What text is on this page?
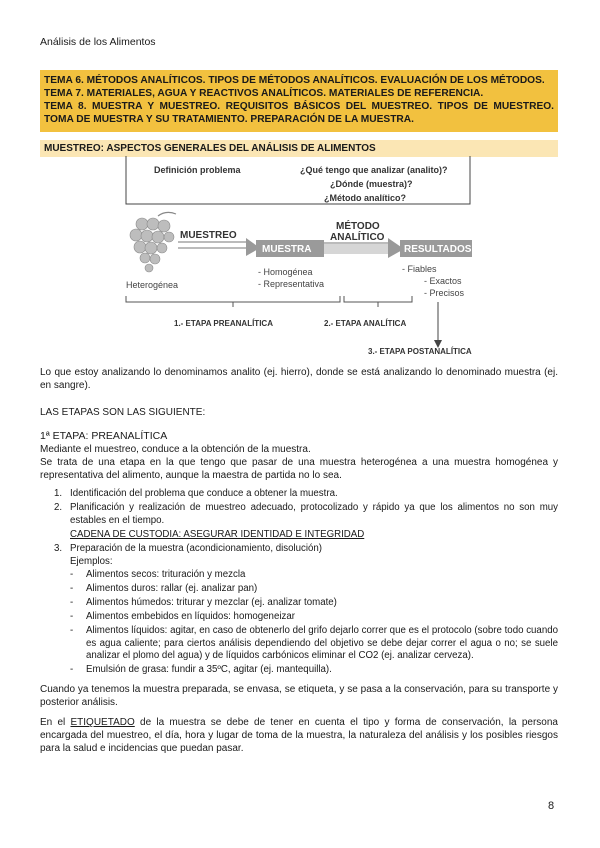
Análisis de los Alimentos
TEMA 6. MÉTODOS ANALÍTICOS. TIPOS DE MÉTODOS ANALÍTICOS. EVALUACIÓN DE LOS MÉTODOS.
TEMA 7. MATERIALES, AGUA Y REACTIVOS ANALÍTICOS. MATERIALES DE REFERENCIA.
TEMA 8. MUESTRA Y MUESTREO. REQUISITOS BÁSICOS DEL MUESTREO. TIPOS DE MUESTREO. TOMA DE MUESTRA Y SU TRATAMIENTO. PREPARACIÓN DE LA MUESTRA.
MUESTREO: ASPECTOS GENERALES DEL ANÁLISIS DE ALIMENTOS
Definición problema	¿Qué tengo que analizar (analito)?
¿Dónde (muestra)?
¿Método analítico?
MUESTREO
MUESTRA
MÉTODO
ANALÍTICO
RESULTADOS
Heterogénea
- Homogénea
- Representativa
- Fiables
- Exactos
- Precisos
1.- ETAPA PREANALÍTICA	2.- ETAPA ANALÍTICA
3.- ETAPA POSTANALÍTICA
Lo que estoy analizando lo denominamos analito (ej. hierro), donde se está analizando lo denominado muestra (ej. en sangre).
LAS ETAPAS SON LAS SIGUIENTE:
1ª ETAPA: PREANALÍTICA
Mediante el muestreo, conduce a la obtención de la muestra.
Se trata de una etapa en la que tengo que pasar de una muestra heterogénea a una muestra homogénea y representativa del alimento, aunque la maestra de partida no lo sea.
1. Identificación del problema que conduce a obtener la muestra.
2. Planificación y realización de muestreo adecuado, protocolizado y rápido ya que los alimentos no son muy estables en el tiempo.
CADENA DE CUSTODIA: ASEGURAR IDENTIDAD E INTEGRIDAD
3. Preparación de la muestra (acondicionamiento, disolución)
Ejemplos:
- Alimentos secos: trituración y mezcla
- Alimentos duros: rallar (ej. analizar pan)
- Alimentos húmedos: triturar y mezclar (ej. analizar tomate)
- Alimentos embebidos en líquidos: homogeneizar
- Alimentos líquidos: agitar, en caso de obtenerlo del grifo dejarlo correr que es el protocolo (sobre todo cuando es agua caliente; para ciertos análisis dependiendo del objetivo se debe dejar correr el agua o no; se suele analizar el plomo del agua) y de líquidos carbónicos eliminar el CO2 (ej. analizar cerveza).
- Emulsión de grasa: fundir a 35ºC, agitar (ej. mantequilla).
Cuando ya tenemos la muestra preparada, se envasa, se etiqueta, y se pasa a la conservación, para su transporte y posterior análisis.
En el ETIQUETADO de la muestra se debe de tener en cuenta el tipo y forma de conservación, la persona encargada del muestreo, el día, hora y lugar de toma de la muestra, la naturaleza del análisis y los posibles riesgos para la salud e incidencias que puedan pasar.
8
